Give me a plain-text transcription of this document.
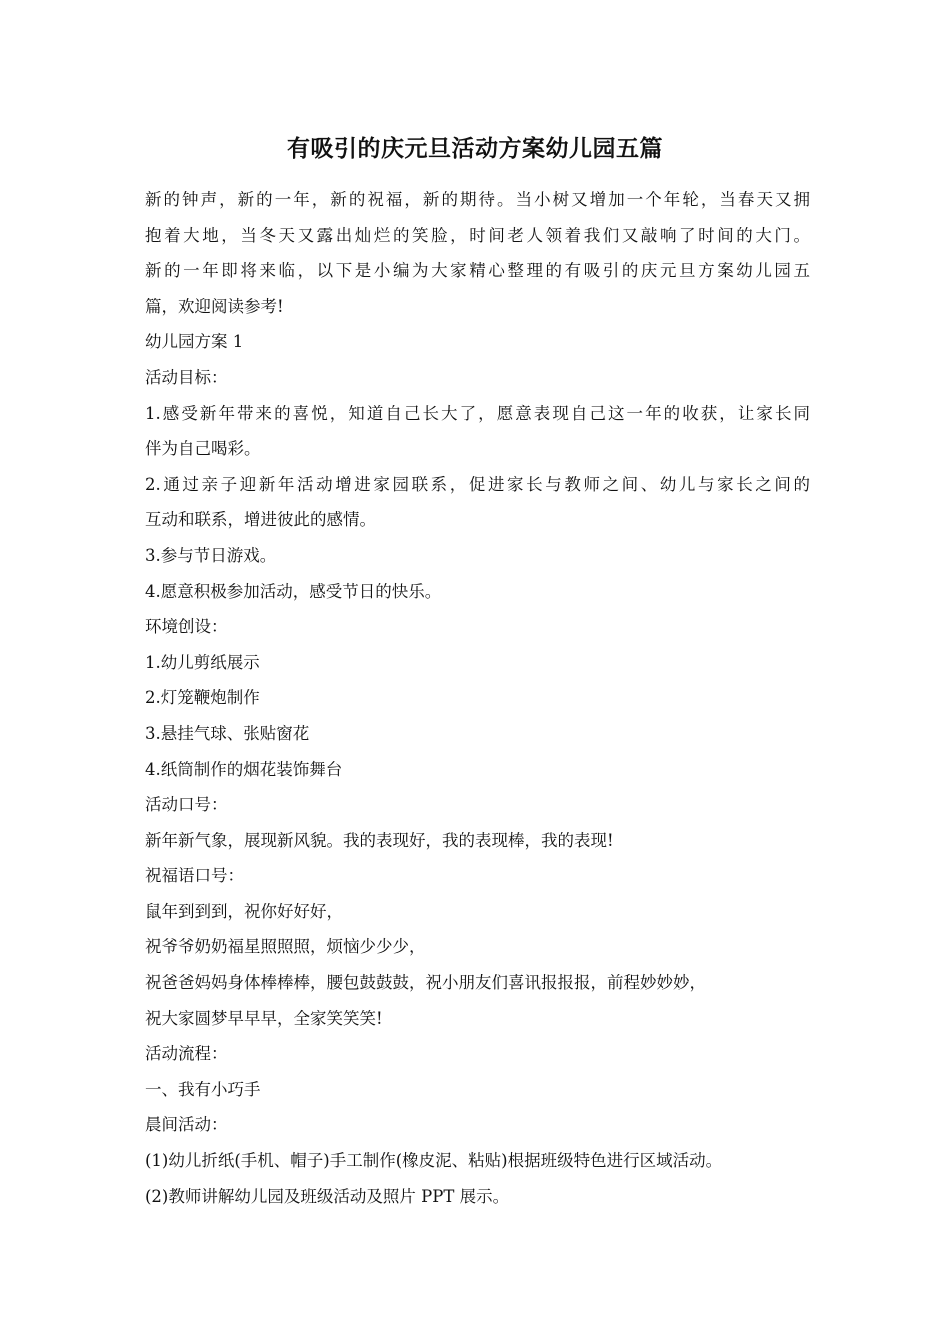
有吸引的庆元旦活动方案幼儿园五篇
新的钟声，新的一年，新的祝福，新的期待。当小树又增加一个年轮，当春天又拥
抱着大地，当冬天又露出灿烂的笑脸，时间老人领着我们又敲响了时间的大门。
新的一年即将来临，以下是小编为大家精心整理的有吸引的庆元旦方案幼儿园五
篇，欢迎阅读参考!
幼儿园方案 1
活动目标：
1.感受新年带来的喜悦，知道自己长大了，愿意表现自己这一年的收获，让家长同
伴为自己喝彩。
2.通过亲子迎新年活动增进家园联系，促进家长与教师之间、幼儿与家长之间的
互动和联系，增进彼此的感情。
3.参与节日游戏。
4.愿意积极参加活动，感受节日的快乐。
环境创设：
1.幼儿剪纸展示
2.灯笼鞭炮制作
3.悬挂气球、张贴窗花
4.纸筒制作的烟花装饰舞台
活动口号：
新年新气象，展现新风貌。我的表现好，我的表现棒，我的表现!
祝福语口号：
鼠年到到到，祝你好好好，
祝爷爷奶奶福星照照照，烦恼少少少，
祝爸爸妈妈身体棒棒棒，腰包鼓鼓鼓，祝小朋友们喜讯报报报，前程妙妙妙，
祝大家圆梦早早早，全家笑笑笑!
活动流程：
一、我有小巧手
晨间活动：
(1)幼儿折纸(手机、帽子)手工制作(橡皮泥、粘贴)根据班级特色进行区域活动。
(2)教师讲解幼儿园及班级活动及照片 PPT 展示。
